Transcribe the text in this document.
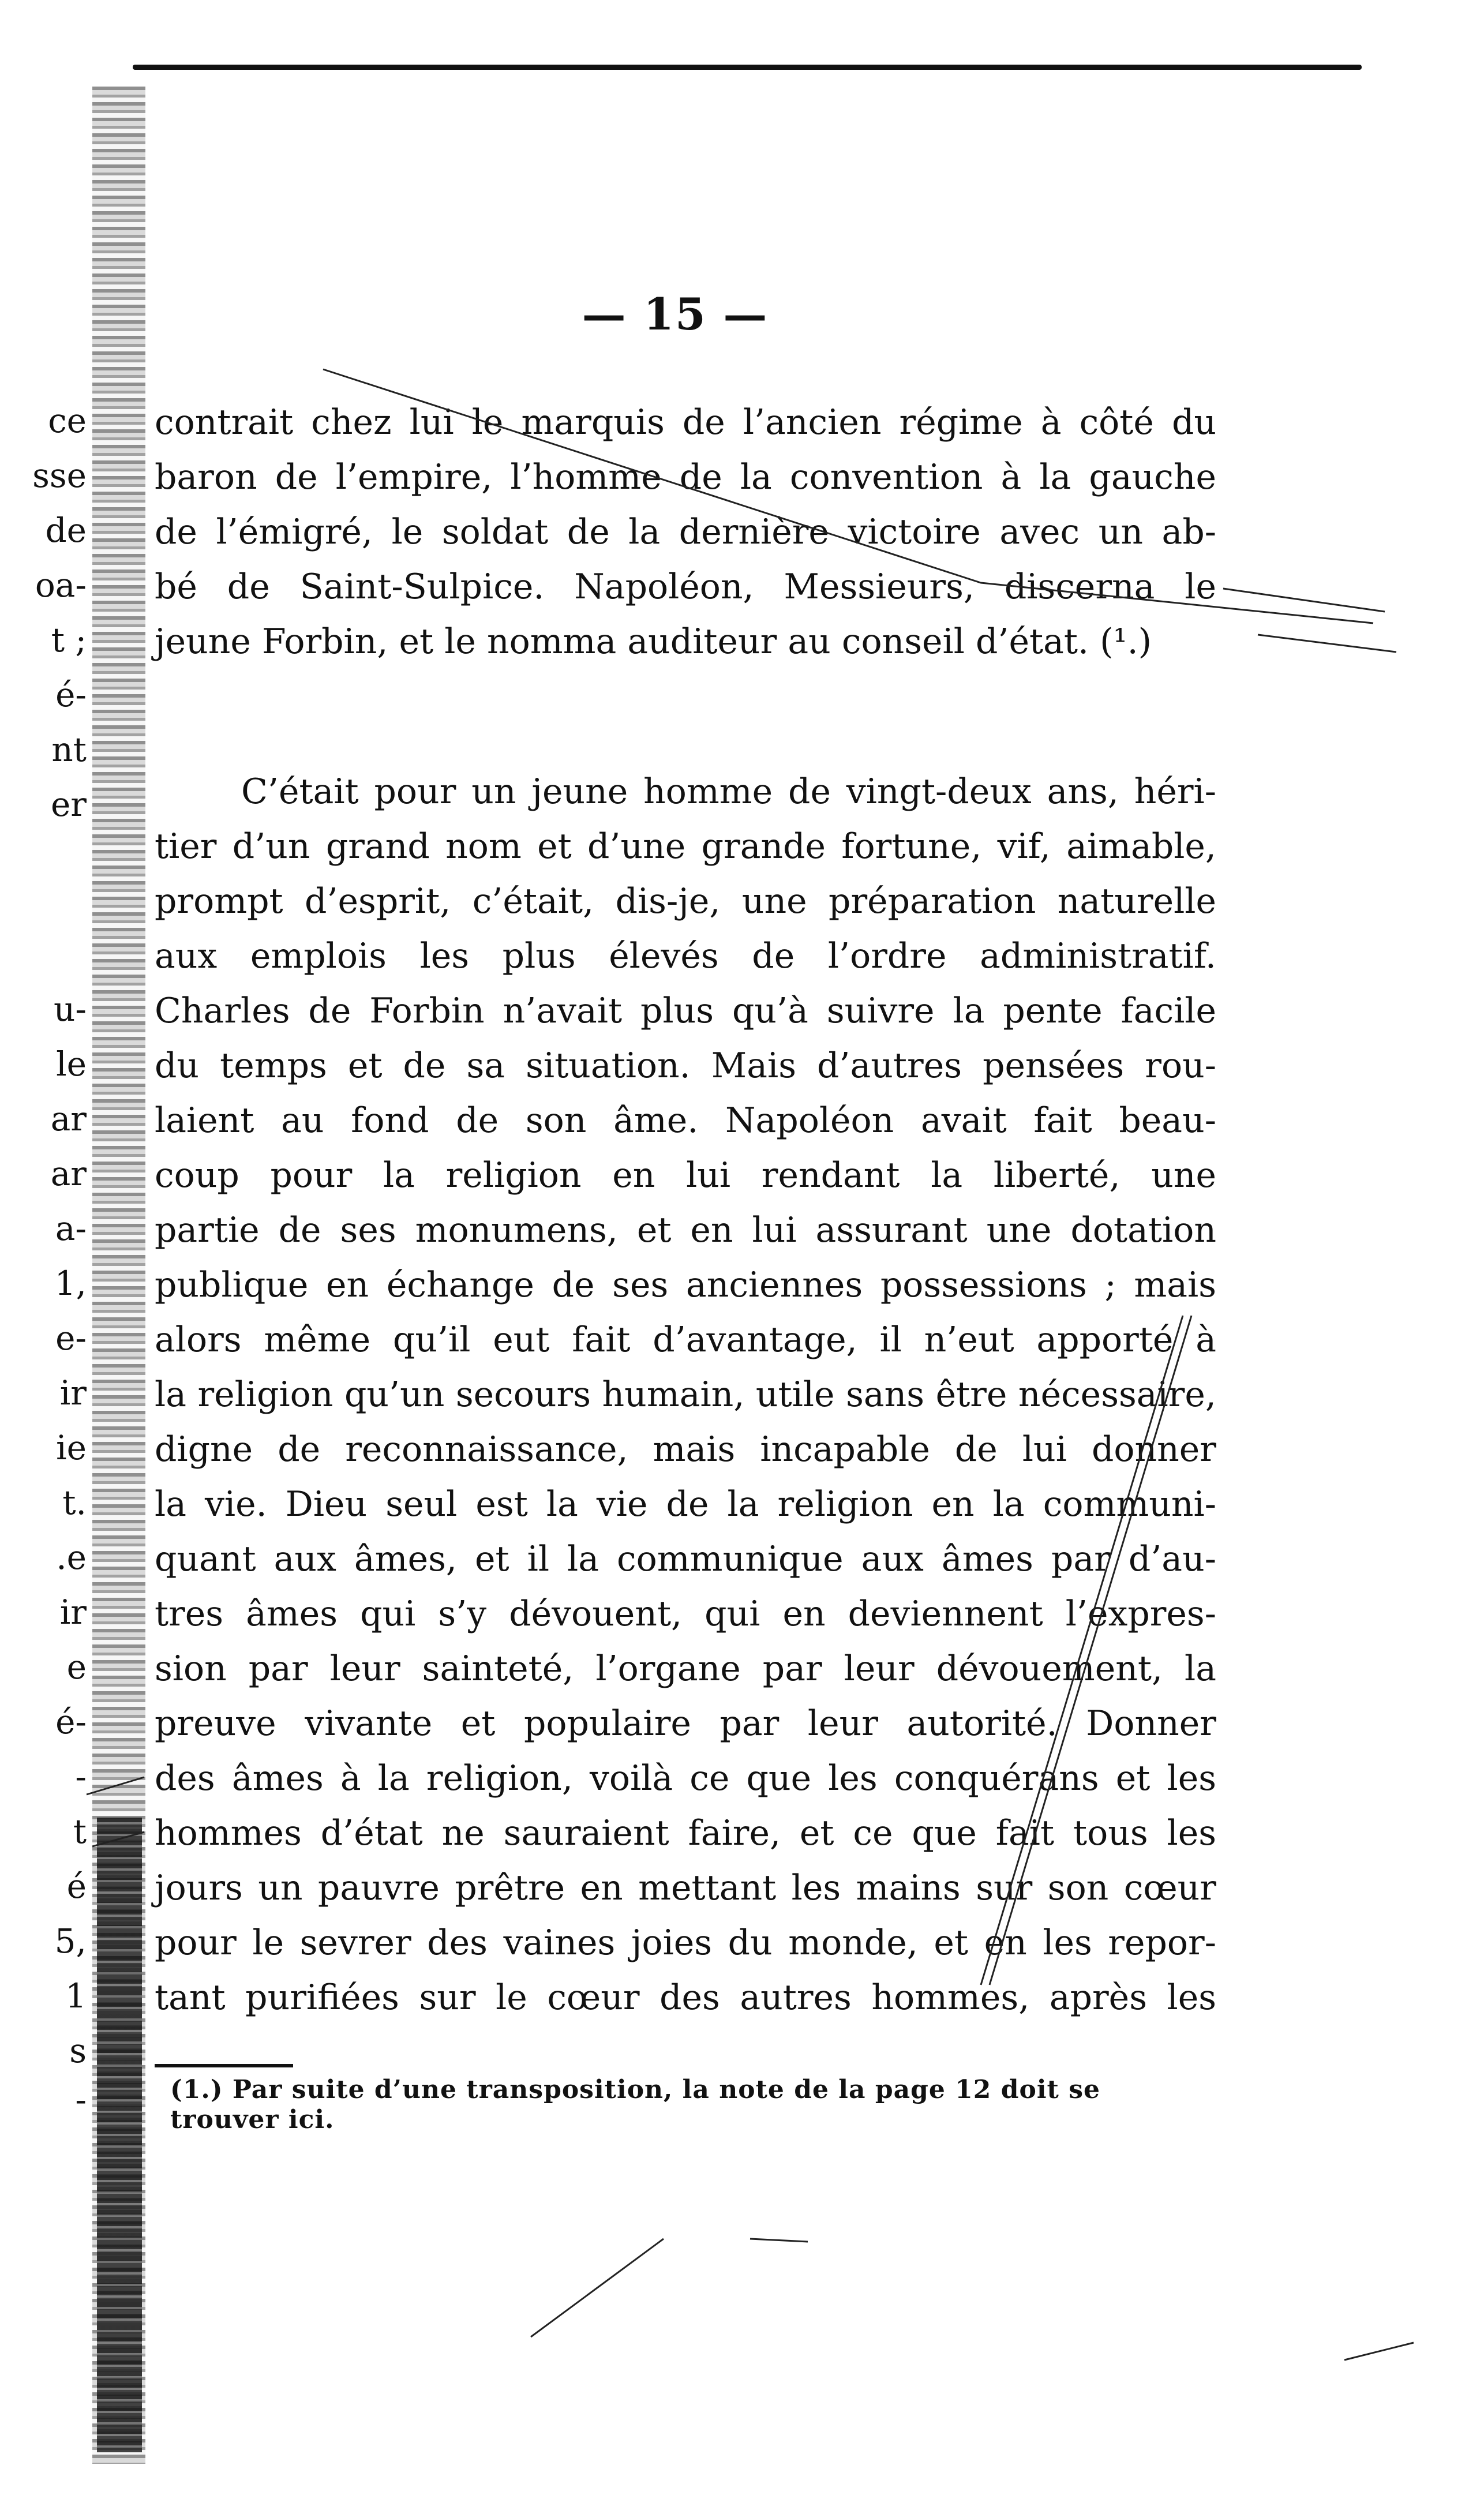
ce
sse
de
oa-
t ;
é-
nt
er
u-
le
ar
ar
a-
1,
e-
ir
ie
t.
.e
ir
e
é-
-
t
é
5,
1
s
-
— 15 —
contrait chez lui le marquis de l’ancien régime à côté du
baron de l’empire, l’homme de la convention à la gauche
de l’émigré, le soldat de la dernière victoire avec un ab-
bé de Saint-Sulpice. Napoléon, Messieurs, discerna le
jeune Forbin, et le nomma auditeur au conseil d’état. (¹.)
C’était pour un jeune homme de vingt-deux ans, héri-
tier d’un grand nom et d’une grande fortune, vif, aimable,
prompt d’esprit, c’était, dis-je, une préparation naturelle
aux emplois les plus élevés de l’ordre administratif.
Charles de Forbin n’avait plus qu’à suivre la pente facile
du temps et de sa situation. Mais d’autres pensées rou-
laient au fond de son âme. Napoléon avait fait beau-
coup pour la religion en lui rendant la liberté, une
partie de ses monumens, et en lui assurant une dotation
publique en échange de ses anciennes possessions ; mais
alors même qu’il eut fait d’avantage, il n’eut apporté à
la religion qu’un secours humain, utile sans être nécessaire,
digne de reconnaissance, mais incapable de lui donner
la vie. Dieu seul est la vie de la religion en la communi-
quant aux âmes, et il la communique aux âmes par d’au-
tres âmes qui s’y dévouent, qui en deviennent l’expres-
sion par leur sainteté, l’organe par leur dévouement, la
preuve vivante et populaire par leur autorité. Donner
des âmes à la religion, voilà ce que les conquérans et les
hommes d’état ne sauraient faire, et ce que fait tous les
jours un pauvre prêtre en mettant les mains sur son cœur
pour le sevrer des vaines joies du monde, et en les repor-
tant purifiées sur le cœur des autres hommes, après les
(1.) Par suite d’une transposition, la note de la page 12 doit se
trouver ici.
